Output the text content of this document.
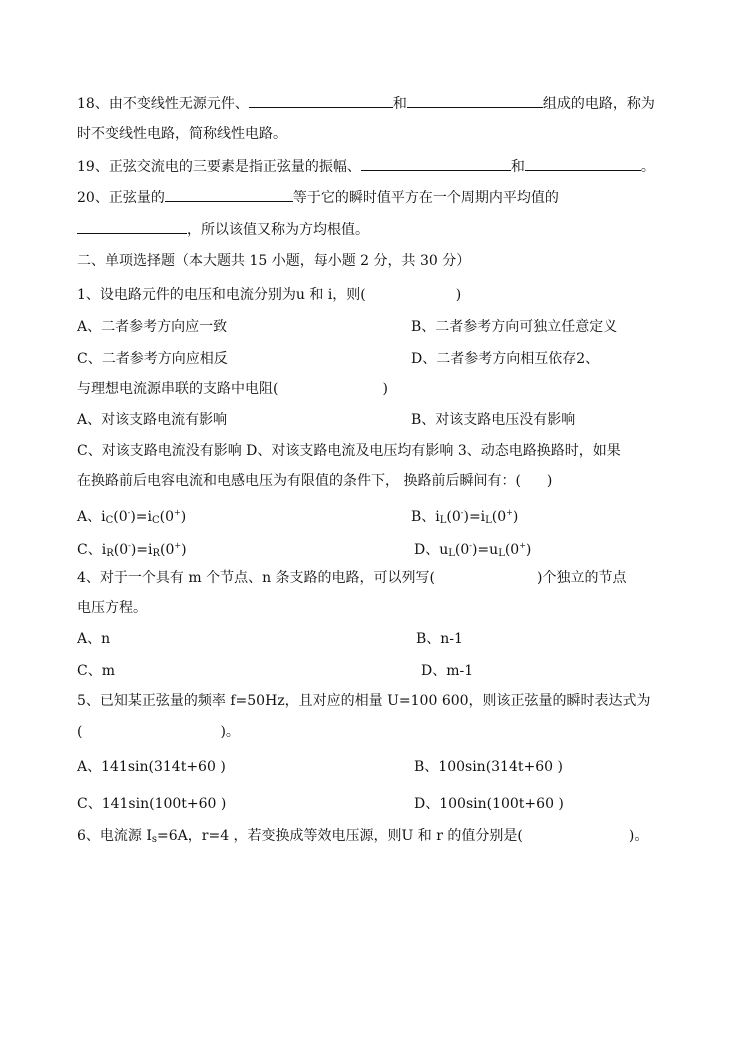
18、由不变线性无源元件、	和	组成的电路，称为
时不变线性电路，简称线性电路。
19、正弦交流电的三要素是指正弦量的振幅、	和	。
20、正弦量的	等于它的瞬时值平方在一个周期内平均值的
，所以该值又称为方均根值。
二、单项选择题（本大题共 15 小题，每小题 2 分，共 30 分）
1、设电路元件的电压和电流分别为u 和 i，则(	)
A、二者参考方向应一致	B、二者参考方向可独立任意定义
C、二者参考方向应相反	D、二者参考方向相互依存2、
与理想电流源串联的支路中电阻(	)
A、对该支路电流有影响	B、对该支路电压没有影响
C、对该支路电流没有影响 D、对该支路电流及电压均有影响 3、动态电路换路时，如果
在换路前后电容电流和电感电压为有限值的条件下， 换路前后瞬间有：( )
A、$i_C(0^-)=i_C(0^+)$	B、$i_L(0^-)=i_L(0^+)$
C、$i_R(0^-)=i_R(0^+)$	D、$u_L(0^-)=u_L(0^+)$
4、对于一个具有 m 个节点、n 条支路的电路，可以列写(	)个独立的节点
电压方程。
A、n	B、n-1
C、m	D、m-1
5、已知某正弦量的频率 f=50Hz，且对应的相量 U=100 600，则该正弦量的瞬时表达式为
(	)。
A、141sin(314t+60 )	B、100sin(314t+60 )
C、141sin(100t+60 )	D、100sin(100t+60 )
6、电流源 $I_s=6A$，r=4 ，若变换成等效电压源，则U 和 r 的值分别是(	)。
